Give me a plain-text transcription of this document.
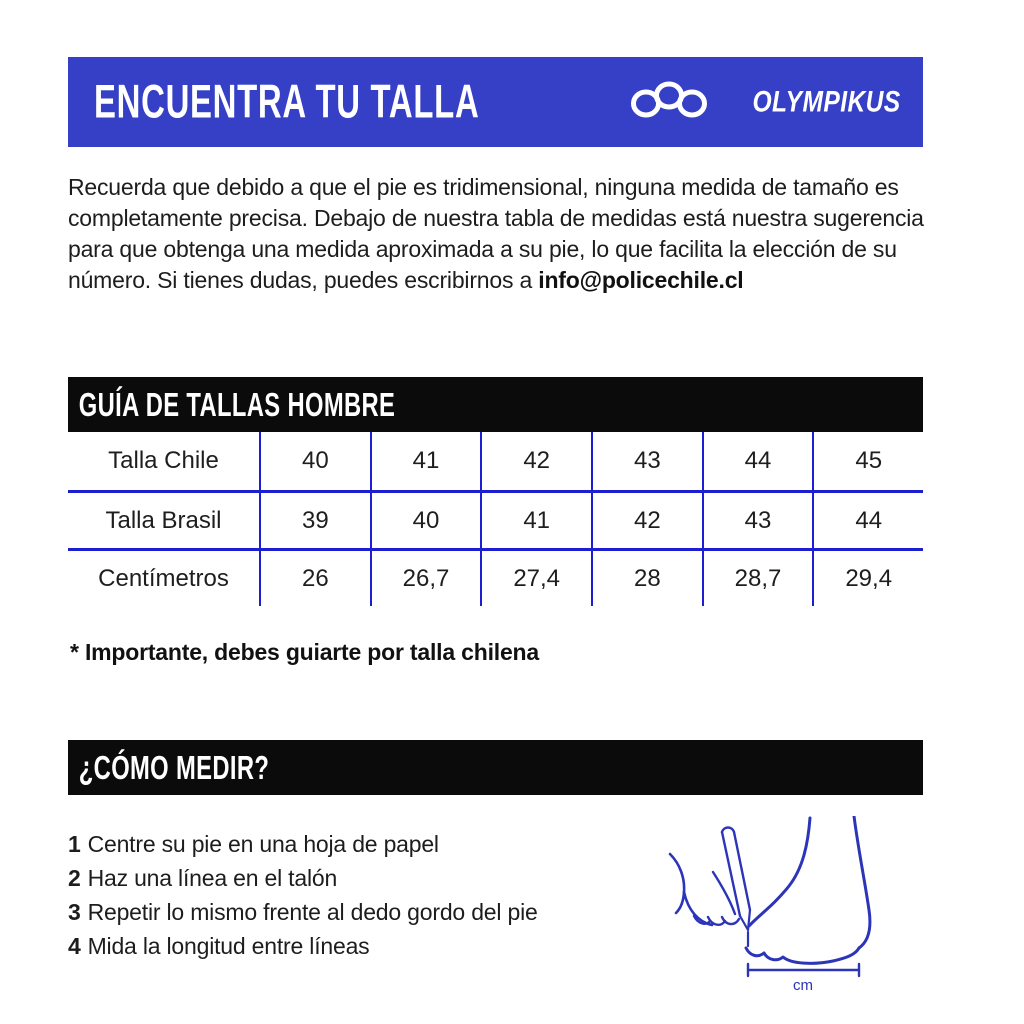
ENCUENTRA TU TALLA	OLYMPIKUS

Recuerda que debido a que el pie es tridimensional, ninguna medida de tamaño es completamente precisa. Debajo de nuestra tabla de medidas está nuestra sugerencia para que obtenga una medida aproximada a su pie, lo que facilita la elección de su número. Si tienes dudas, puedes escribirnos a info@policechile.cl

GUÍA DE TALLAS HOMBRE
Talla Chile	40	41	42	43	44	45
Talla Brasil	39	40	41	42	43	44
Centímetros	26	26,7	27,4	28	28,7	29,4
* Importante, debes guiarte por talla chilena
¿CÓMO MEDIR?
1 Centre su pie en una hoja de papel
2 Haz una línea en el talón
3 Repetir lo mismo frente al dedo gordo del pie
4 Mida la longitud entre líneas
cm
